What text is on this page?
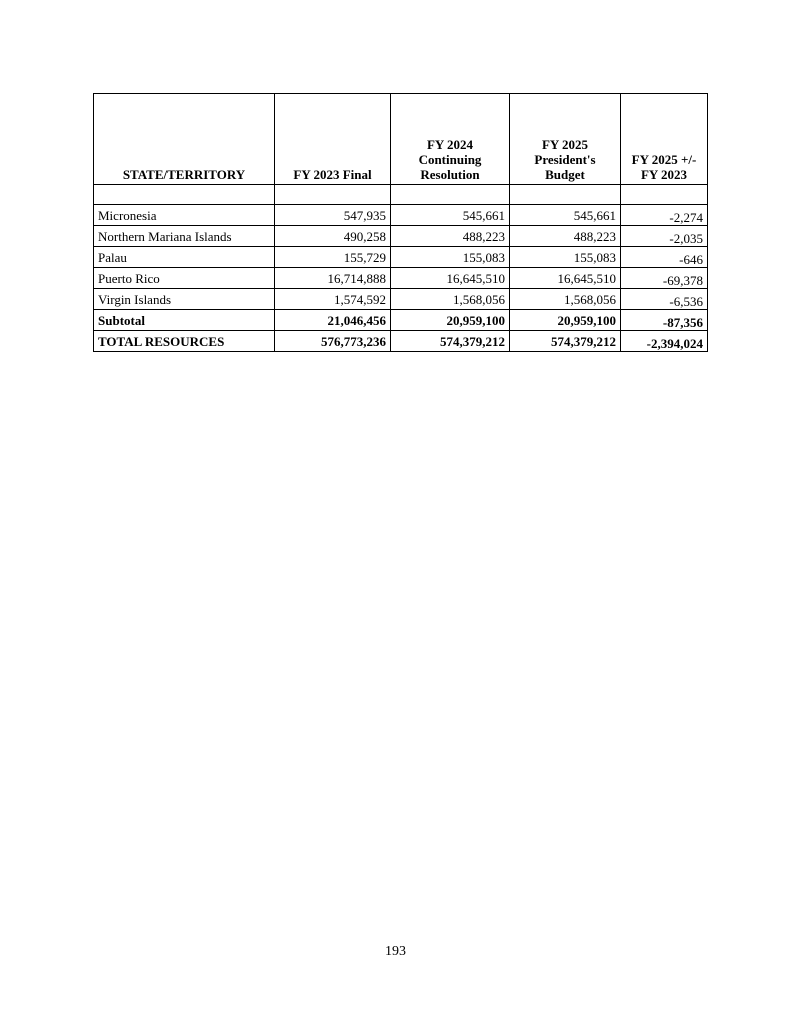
STATE/TERRITORY	FY 2023 Final	FY 2024 Continuing Resolution	FY 2025 President's Budget	FY 2025 +/- FY 2023

Micronesia	547,935	545,661	545,661	-2,274
Northern Mariana Islands	490,258	488,223	488,223	-2,035
Palau	155,729	155,083	155,083	-646
Puerto Rico	16,714,888	16,645,510	16,645,510	-69,378
Virgin Islands	1,574,592	1,568,056	1,568,056	-6,536
Subtotal	21,046,456	20,959,100	20,959,100	-87,356
TOTAL RESOURCES	576,773,236	574,379,212	574,379,212	-2,394,024
193
